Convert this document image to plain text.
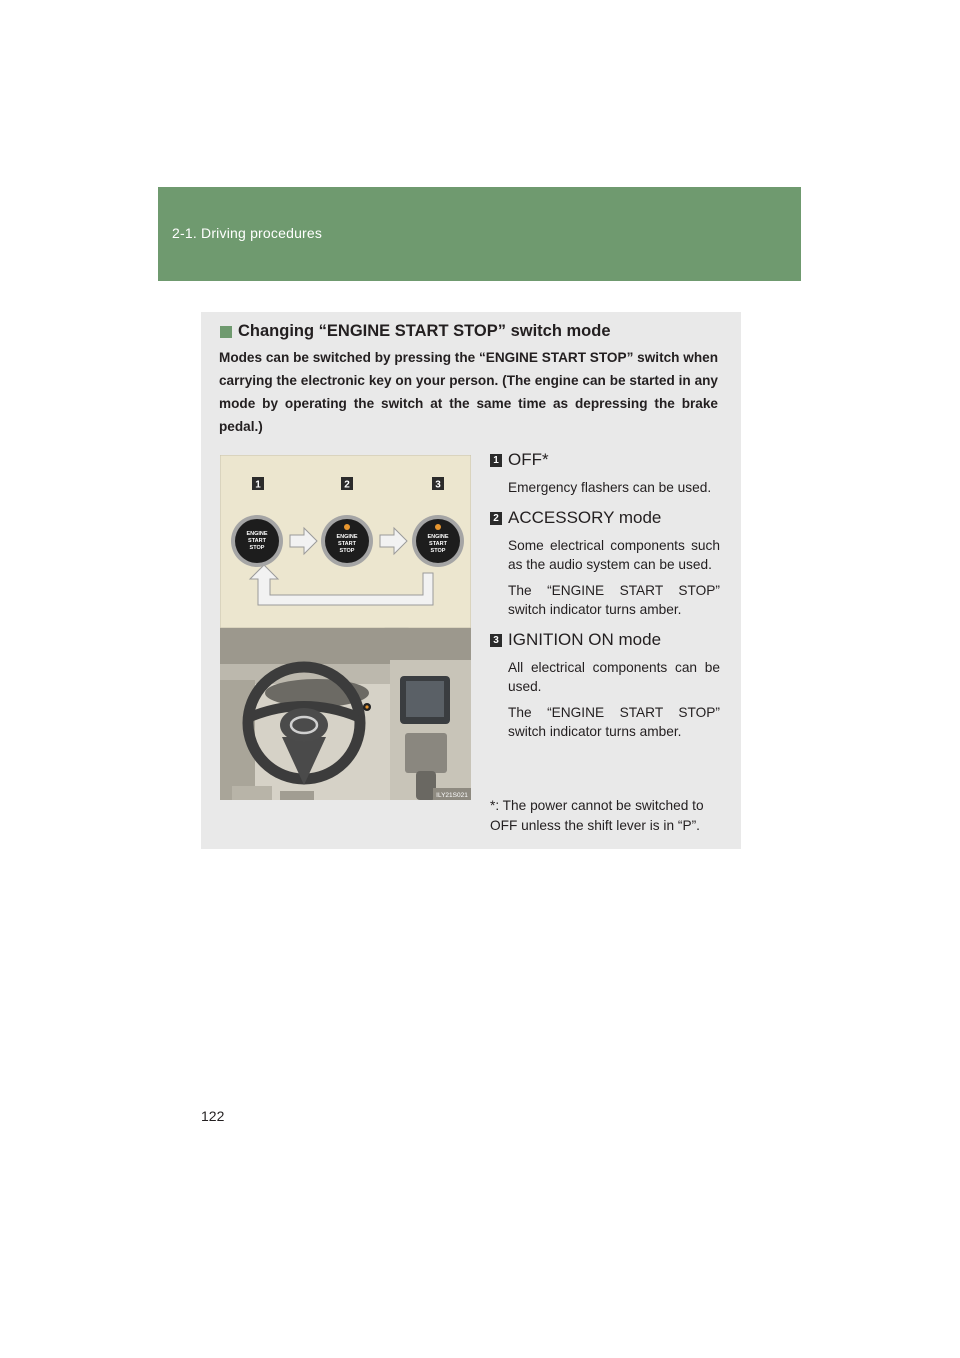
2-1. Driving procedures
Changing “ENGINE START STOP” switch mode
Modes can be switched by pressing the “ENGINE START STOP” switch when carrying the electronic key on your person. (The engine can be started in any mode by operating the switch at the same time as depressing the brake pedal.)
1	2	3
ENGINE
START
STOP
ENGINE
START
STOP
ENGINE
START
STOP
ILY21S021
1 OFF*

Emergency flashers can be used.

2 ACCESSORY mode

Some electrical components such as the audio system can be used.

The “ENGINE START STOP” switch indicator turns amber.

3 IGNITION ON mode

All electrical components can be used.

The “ENGINE START STOP” switch indicator turns amber.

*: The power cannot be switched to OFF unless the shift lever is in “P”.
122
